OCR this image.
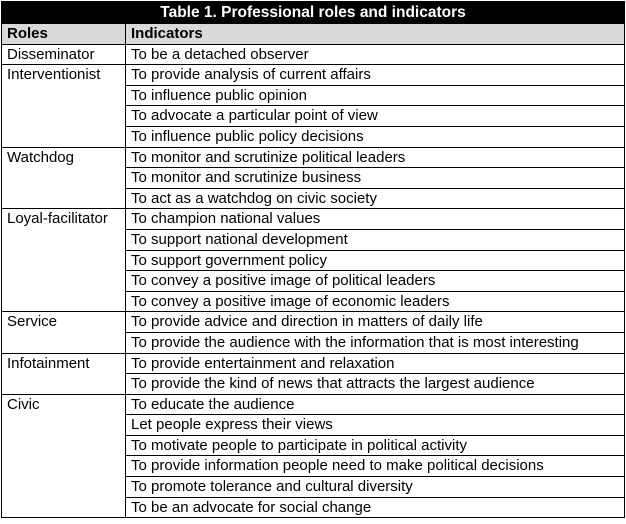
Table 1. Professional roles and indicators	
Roles	Indicators
Disseminator	To be a detached observer
Interventionist	To provide analysis of current affairs
	To influence public opinion
	To advocate a particular point of view
	To influence public policy decisions
Watchdog	To monitor and scrutinize political leaders
	To monitor and scrutinize business
	To act as a watchdog on civic society
Loyal-facilitator	To champion national values
	To support national development
	To support government policy
	To convey a positive image of political leaders
	To convey a positive image of economic leaders
Service	To provide advice and direction in matters of daily life
	To provide the audience with the information that is most interesting
Infotainment	To provide entertainment and relaxation
	To provide the kind of news that attracts the largest audience
Civic	To educate the audience
	Let people express their views
	To motivate people to participate in political activity
	To provide information people need to make political decisions
	To promote tolerance and cultural diversity
	To be an advocate for social change
